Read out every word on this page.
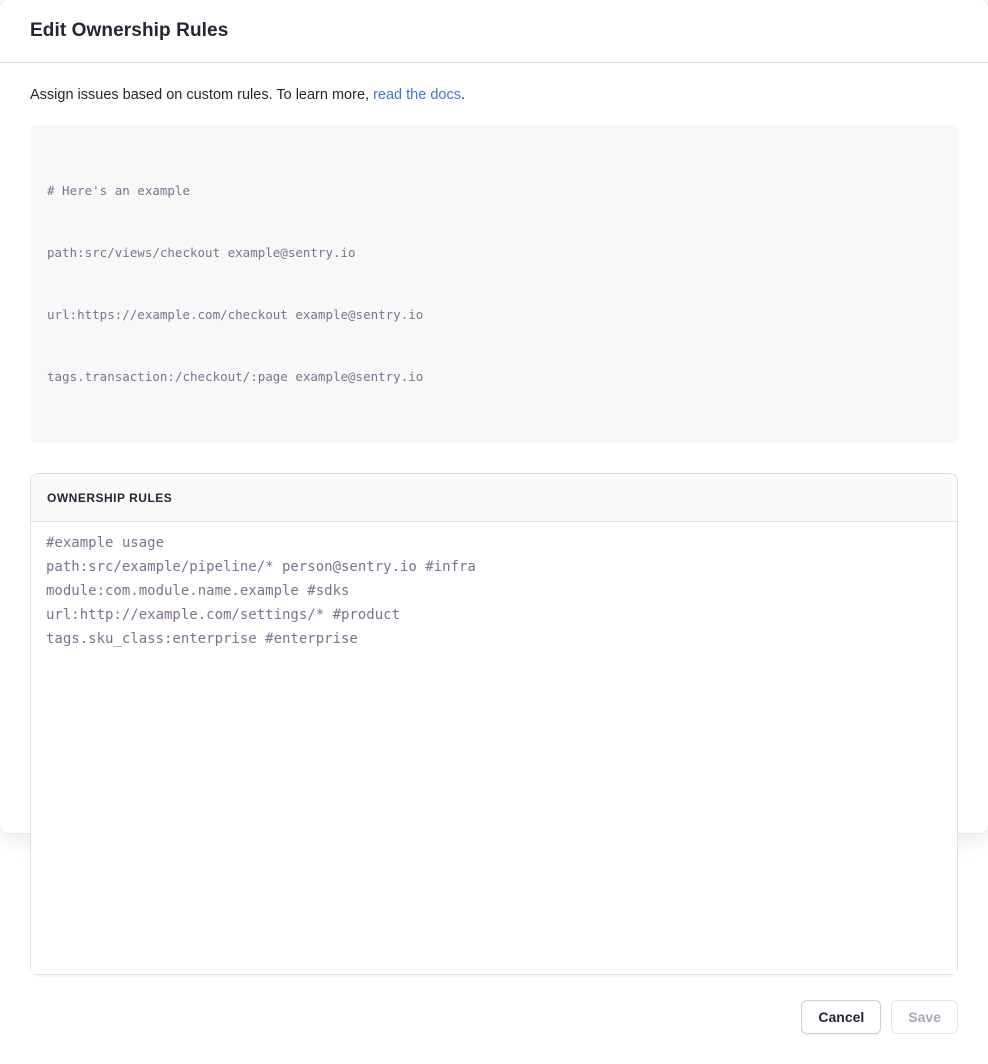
Edit Ownership Rules

Assign issues based on custom rules. To learn more, read the docs.

# Here's an example

path:src/views/checkout example@sentry.io

url:https://example.com/checkout example@sentry.io

tags.transaction:/checkout/:page example@sentry.io

OWNERSHIP RULES
#example usage path:src/example/pipeline/* person@sentry.io #infra module:com.module.name.example #sdks url:http://example.com/settings/* #product tags.sku_class:enterprise #enterprise
Cancel	Save
